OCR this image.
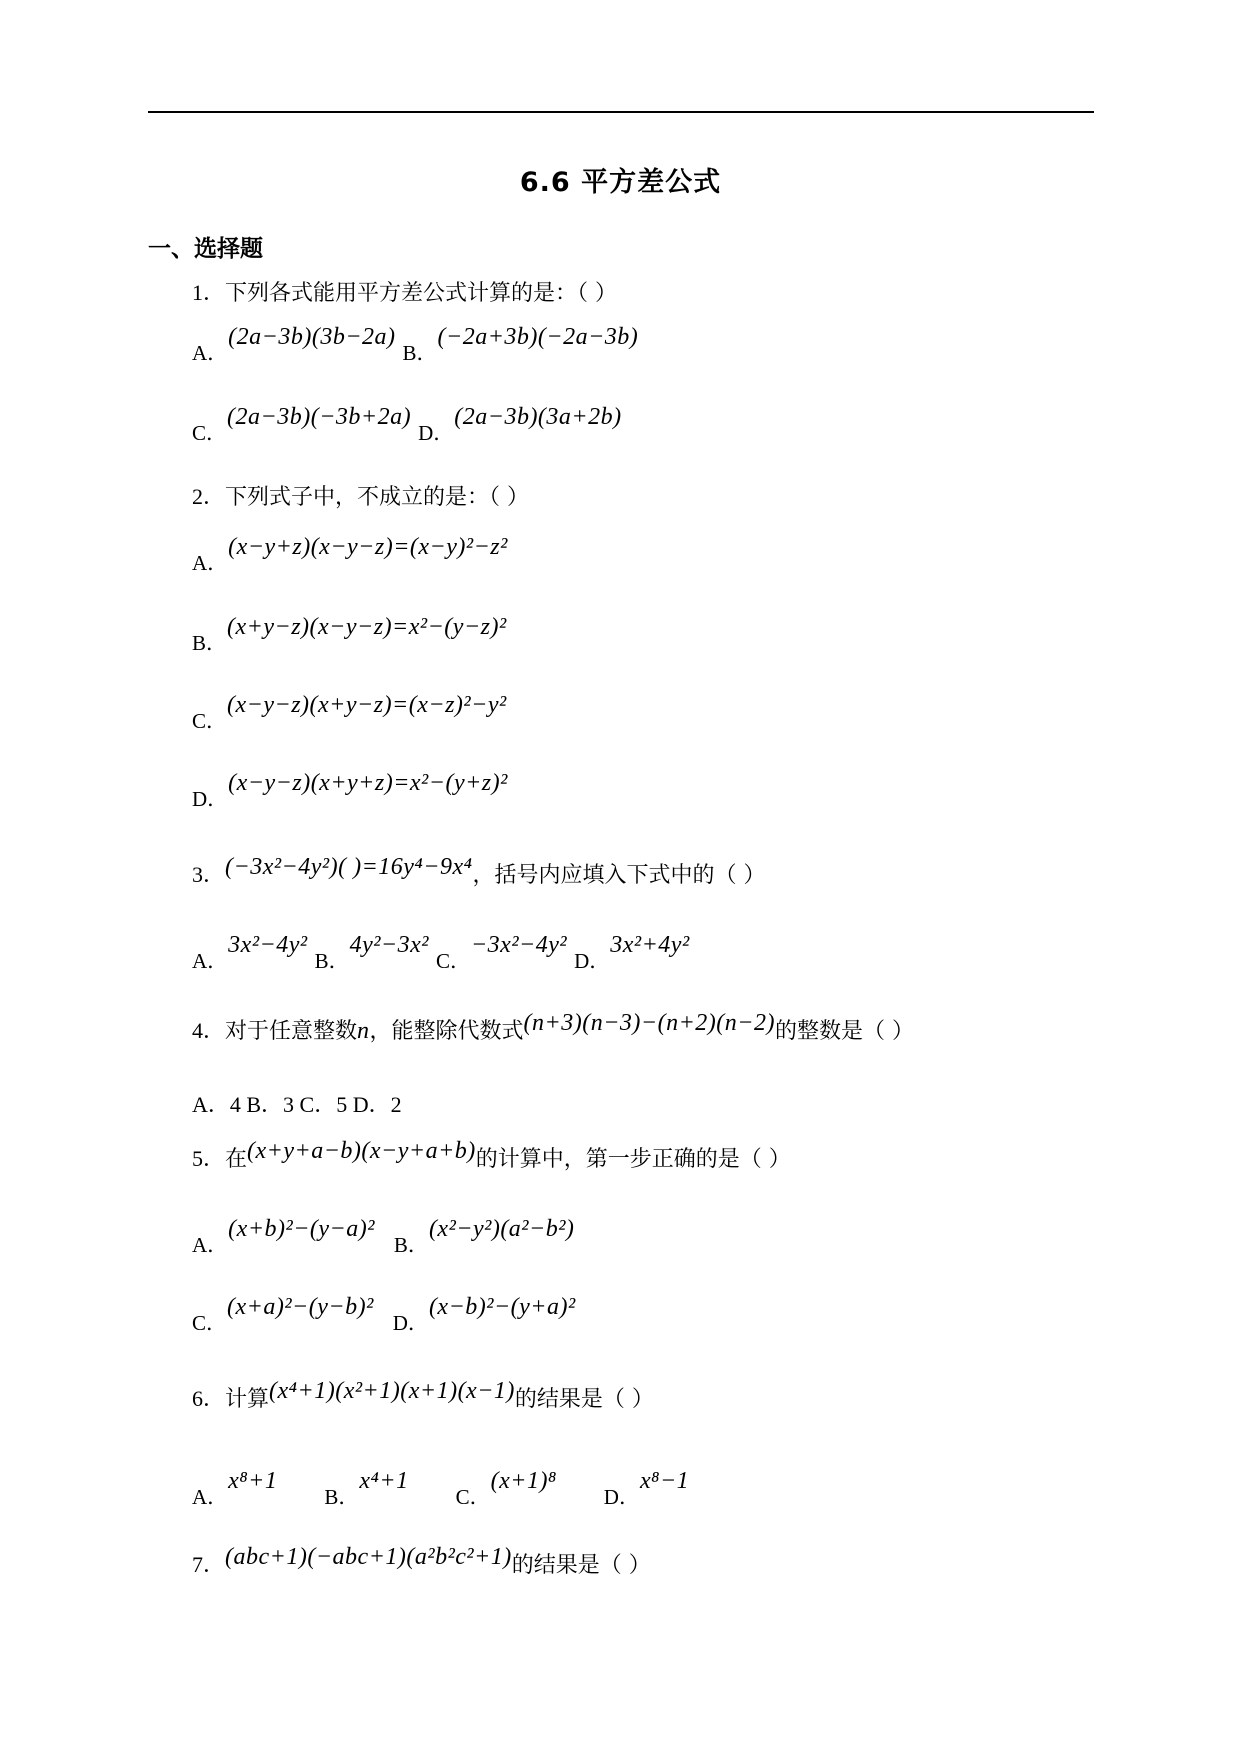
6.6 平方差公式
一、选择题
1．下列各式能用平方差公式计算的是：（ ）
A．(2a−3b)(3b−2a) B．(−2a+3b)(−2a−3b)
C．(2a−3b)(−3b+2a) D．(2a−3b)(3a+2b)
2．下列式子中，不成立的是：（ ）
A．(x−y+z)(x−y−z)=(x−y)²−z²
B．(x+y−z)(x−y−z)=x²−(y−z)²
C．(x−y−z)(x+y−z)=(x−z)²−y²
D．(x−y−z)(x+y+z)=x²−(y+z)²
3．(−3x²−4y²)( )=16y⁴−9x⁴，括号内应填入下式中的（ ）
A．3x²−4y² B．4y²−3x² C．−3x²−4y² D．3x²+4y²
4．对于任意整数n，能整除代数式(n+3)(n−3)−(n+2)(n−2)的整数是（ ）
A．4 B．3 C．5 D．2
5．在(x+y+a−b)(x−y+a+b)的计算中，第一步正确的是（ ）
A．(x+b)²−(y−a)² B．(x²−y²)(a²−b²)
C．(x+a)²−(y−b)² D．(x−b)²−(y+a)²
6．计算(x⁴+1)(x²+1)(x+1)(x−1)的结果是（ ）
A．x⁸+1 B．x⁴+1 C．(x+1)⁸ D．x⁸−1
7．(abc+1)(−abc+1)(a²b²c²+1)的结果是（ ）
